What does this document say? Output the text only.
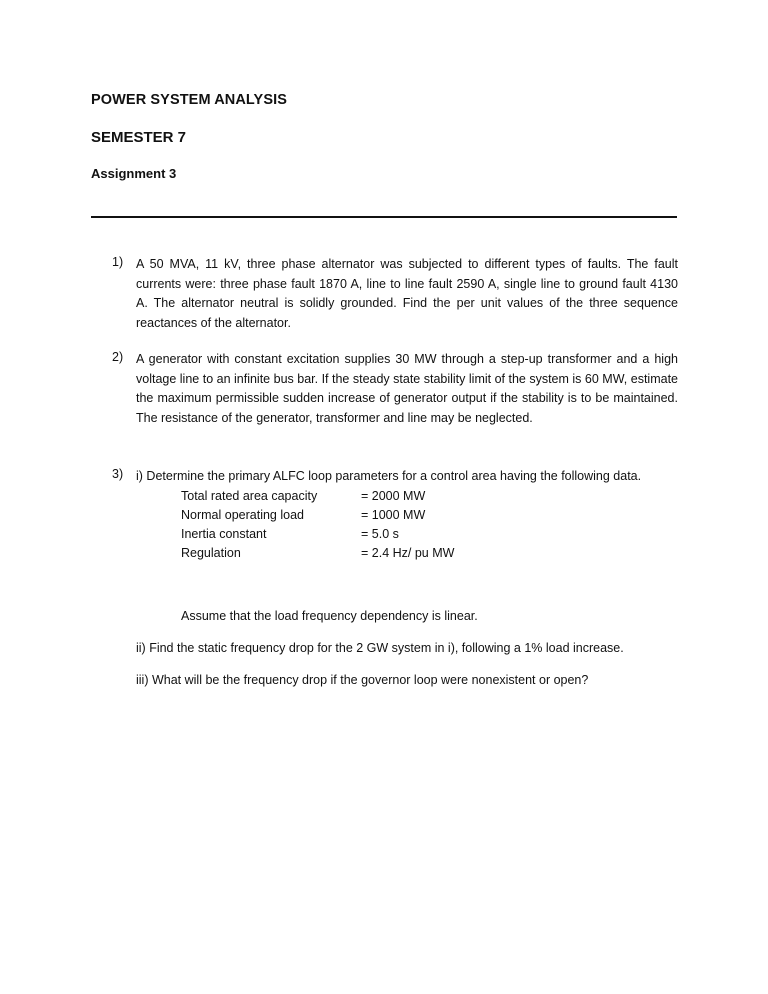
POWER SYSTEM ANALYSIS
SEMESTER 7
Assignment 3
1) A 50 MVA, 11 kV, three phase alternator was subjected to different types of faults. The fault currents were: three phase fault 1870 A, line to line fault 2590 A, single line to ground fault 4130 A. The alternator neutral is solidly grounded. Find the per unit values of the three sequence reactances of the alternator.
2) A generator with constant excitation supplies 30 MW through a step-up transformer and a high voltage line to an infinite bus bar. If the steady state stability limit of the system is 60 MW, estimate the maximum permissible sudden increase of generator output if the stability is to be maintained. The resistance of the generator, transformer and line may be neglected.
3) i) Determine the primary ALFC loop parameters for a control area having the following data.
Total rated area capacity	= 2000 MW
Normal operating load	= 1000 MW
Inertia constant	= 5.0 s
Regulation	= 2.4 Hz/ pu MW
Assume that the load frequency dependency is linear.
ii) Find the static frequency drop for the 2 GW system in i), following a 1% load increase.
iii) What will be the frequency drop if the governor loop were nonexistent or open?
